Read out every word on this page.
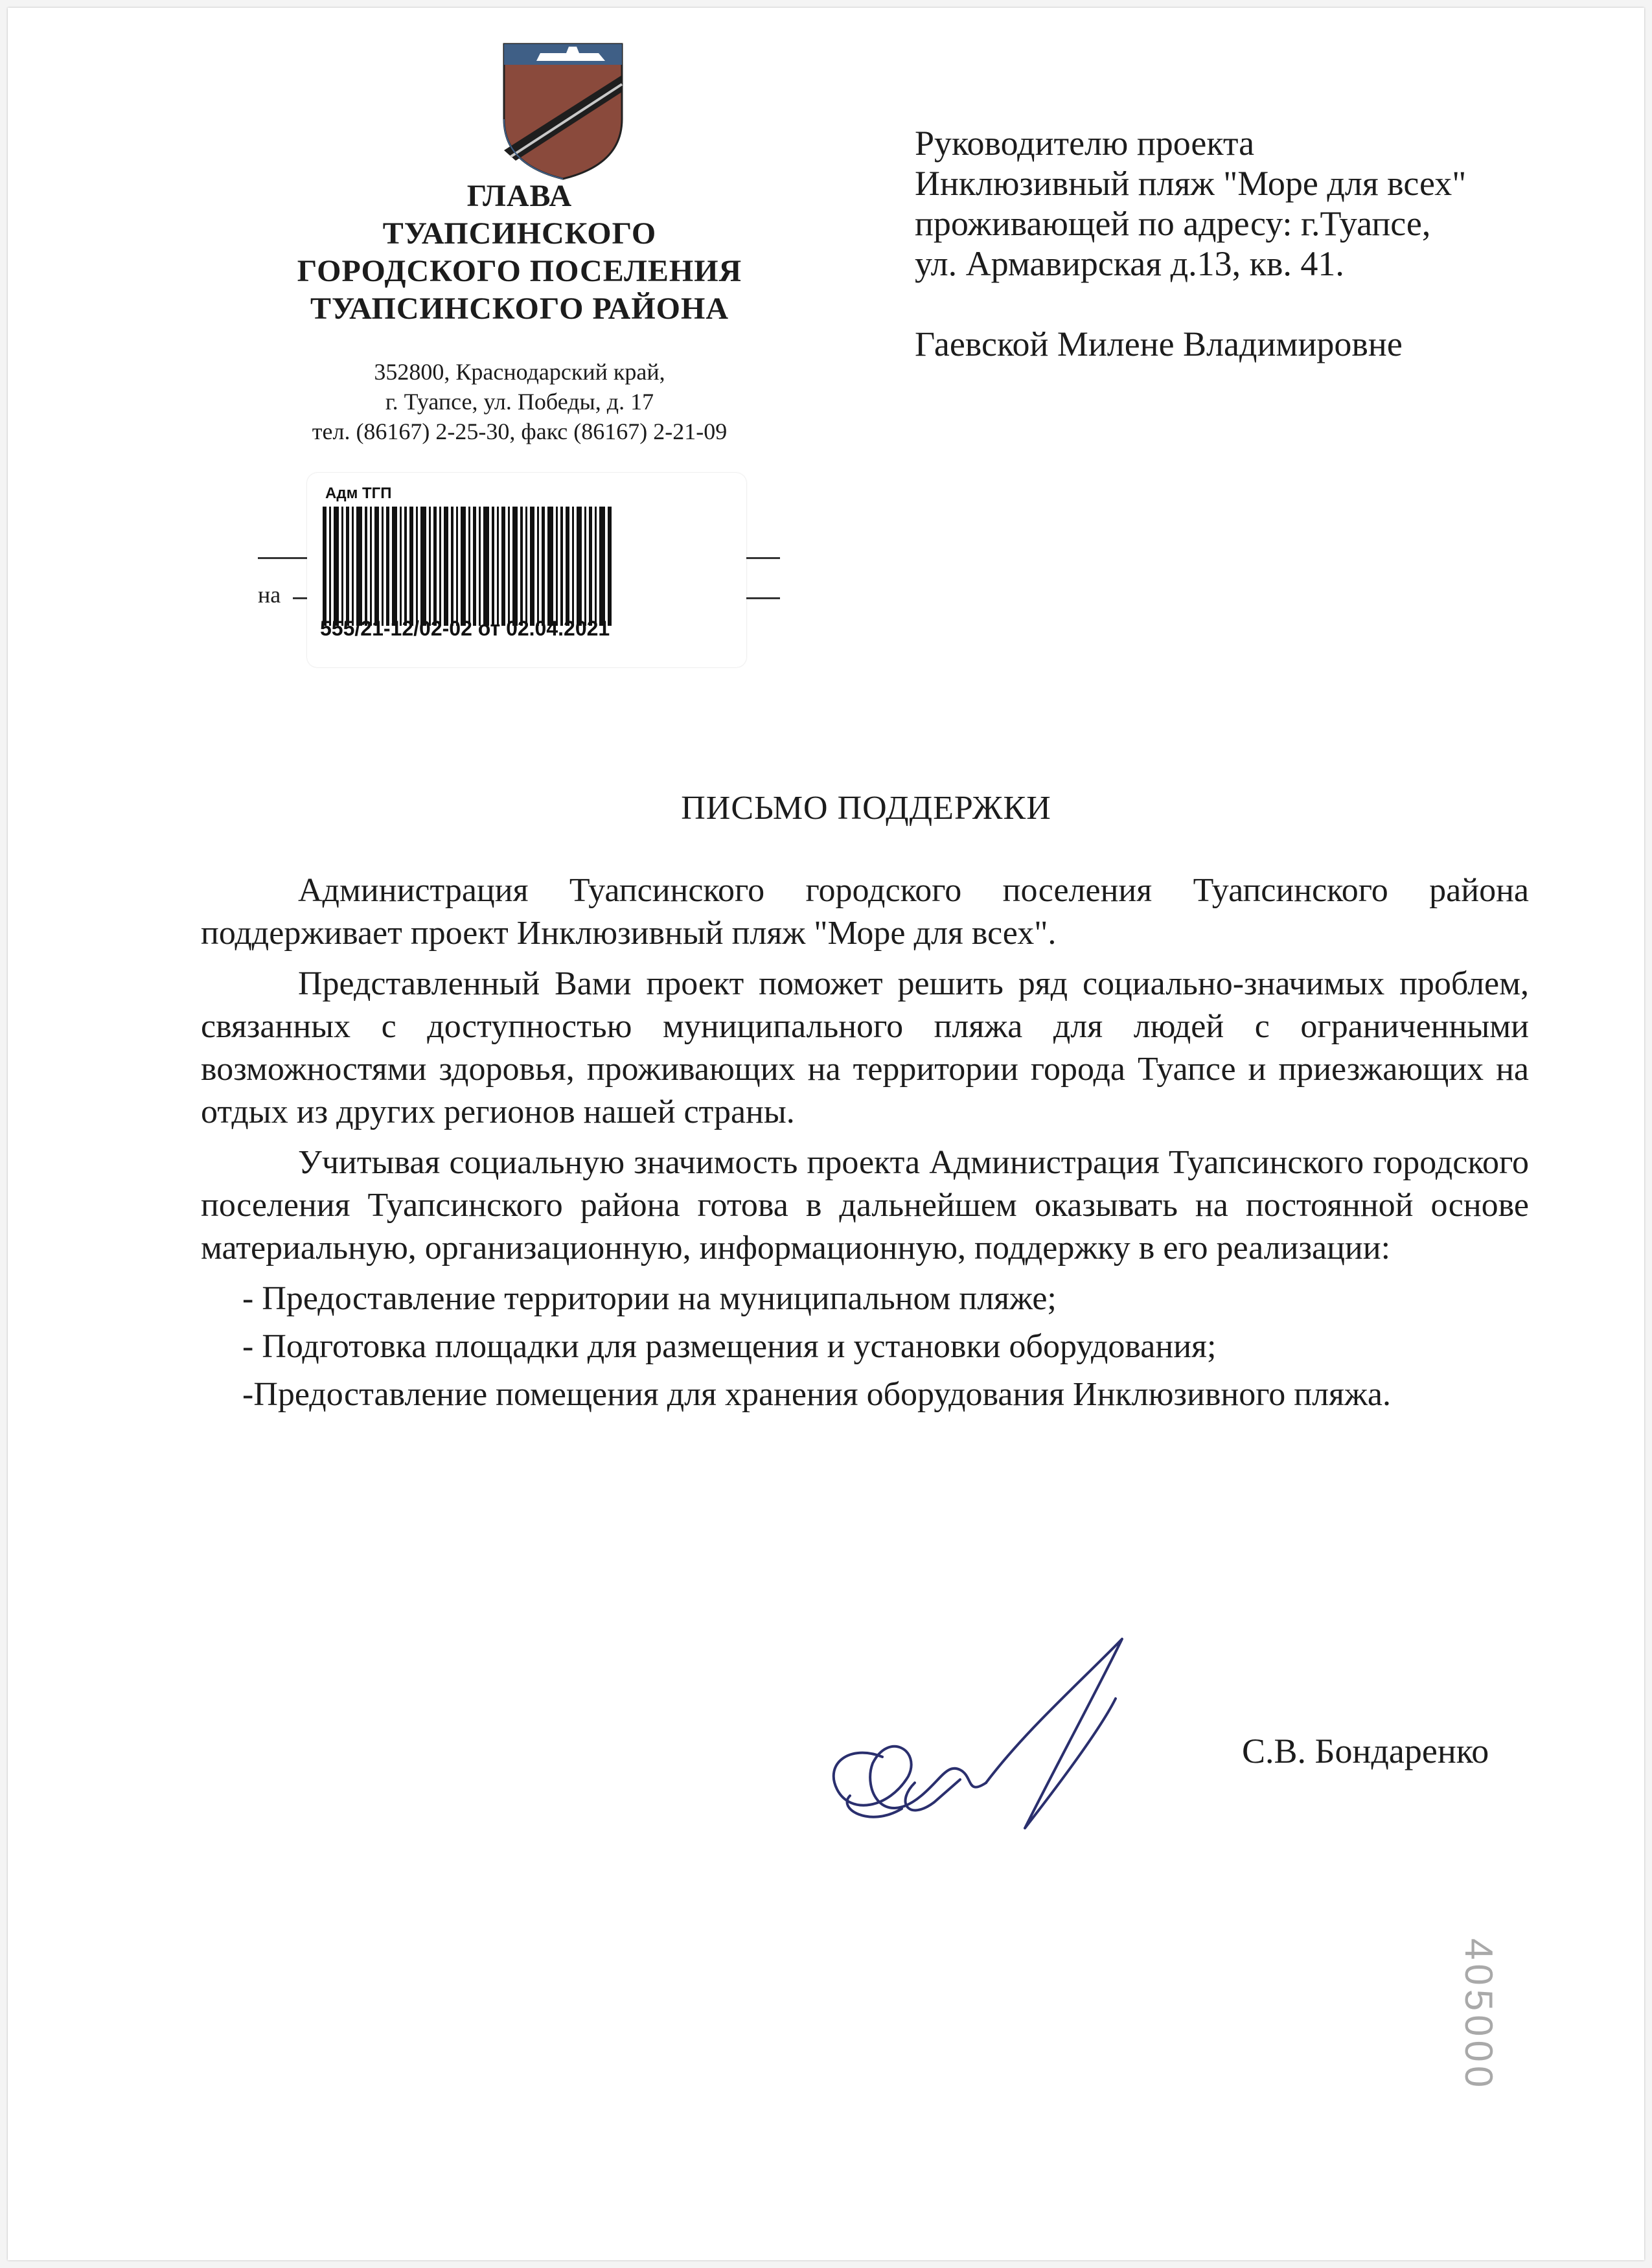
ГЛАВА
ТУАПСИНСКОГО
ГОРОДСКОГО ПОСЕЛЕНИЯ
ТУАПСИНСКОГО РАЙОНА
352800, Краснодарский край,
г. Туапсе, ул. Победы, д. 17
тел. (86167) 2-25-30, факс (86167) 2-21-09
на
Адм ТГП
555/21-12/02-02 от 02.04.2021

Руководителю проекта

Инклюзивный пляж "Море для всех"

проживающей по адресу: г.Туапсе,

ул. Армавирская д.13, кв. 41.

Гаевской Милене Владимировне

ПИСЬМО ПОДДЕРЖКИ

Администрация Туапсинского городского поселения Туапсинского района поддерживает проект Инклюзивный пляж "Море для всех".

Представленный Вами проект поможет решить ряд социально-значимых проблем, связанных с доступностью муниципального пляжа для людей с ограниченными возможностями здоровья, проживающих на территории города Туапсе и приезжающих на отдых из других регионов нашей страны.

Учитывая социальную значимость проекта Администрация Туапсинского городского поселения Туапсинского района готова в дальнейшем оказывать на постоянной основе материальную, организационную, информационную, поддержку в его реализации:

- Предоставление территории на муниципальном пляже;

- Подготовка площадки для размещения и установки оборудования;

-Предоставление помещения для хранения оборудования Инклюзивного пляжа.

С.В. Бондаренко
405000
